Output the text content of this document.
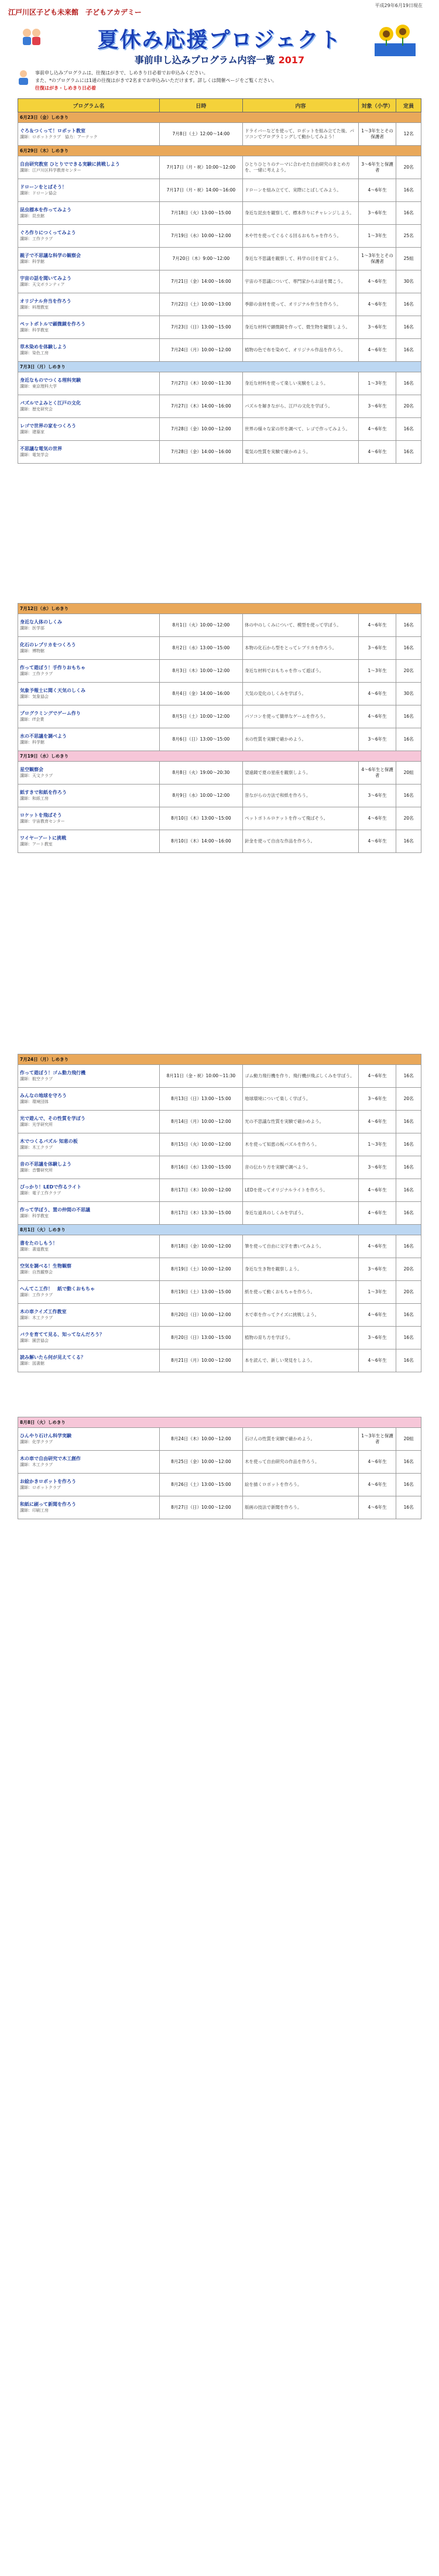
平成29年6月19日現在
江戸川区子ども未来館　子どもアカデミー
夏休み応援プロジェクト
事前申し込みプログラム内容一覧 2017
事前申し込みプログラムは、往復はがきで、しめきり日必着でお申込みください。
また、*のプログラムには1通の往復はがきで2名までお申込みいただけます。詳しくは開催ページをご覧ください。
往復はがき・しめきり日必着
プログラム名	日時	内容	対象（小学）	定員
6月23日（金）しめきり				

ぐろ＆つくって！ロボット教室
講師：ロボットクラブ　協力：アーテック	7月8日（土）12:00～14:00	ドライバーなどを使って、ロボットを組み立てた後、パソコンでプログラミングして動かしてみよう！	1～3年生とその保護者	12名
6月29日（木）しめきり				

自由研究教室 ひとりでできる実験に挑戦しよう
講師：江戸川区科学教育センター	7月17日（月・祝）10:00～12:00	ひとりひとりのテーマに合わせた自由研究のまとめ方を、一緒に考えよう。	3～6年生と保護者	20名

ドローンをとばそう！
講師：ドローン協会	7月17日（月・祝）14:00～16:00	ドローンを組み立てて、実際にとばしてみよう。	4～6年生	16名

昆虫標本を作ってみよう
講師：昆虫館	7月18日（火）13:00～15:00	身近な昆虫を観察して、標本作りにチャレンジしよう。	3～6年生	16名

ぐろ作りにつくってみよう
講師：工作クラブ	7月19日（水）10:00～12:00	木や竹を使ってぐるぐる回るおもちゃを作ろう。	1～3年生	25名

親子で不思議な科学の観察会
講師：科学館	7月20日（木）9:00～12:00	身近な不思議を観察して、科学の目を育てよう。	1～3年生とその保護者	25組

宇宙の話を聞いてみよう
講師：天文ボランティア	7月21日（金）14:00～16:00	宇宙の不思議について、専門家からお話を聞こう。	4～6年生	30名

オリジナル弁当を作ろう
講師：料理教室	7月22日（土）10:00～13:00	季節の食材を使って、オリジナル弁当を作ろう。	4～6年生	16名

ペットボトルで顕微鏡を作ろう
講師：科学教室	7月23日（日）13:00～15:00	身近な材料で顕微鏡を作って、微生物を観察しよう。	3～6年生	16名

草木染めを体験しよう
講師：染色工房	7月24日（月）10:00～12:00	植物の色で布を染めて、オリジナル作品を作ろう。	4～6年生	16名
7月3日（月）しめきり				

身近なものでつくる理科実験
講師：東京理科大学	7月27日（木）10:00～11:30	身近な材料を使って楽しい実験をしよう。	1～3年生	16名

パズルでよみとく江戸の文化
講師：歴史研究会	7月27日（木）14:00～16:00	パズルを解きながら、江戸の文化を学ぼう。	3～6年生	20名

レゴで世界の家をつくろう
講師：建築家	7月28日（金）10:00～12:00	世界の様々な家の形を調べて、レゴで作ってみよう。	4～6年生	16名

不思議な電気の世界
講師：電気学会	7月28日（金）14:00～16:00	電気の性質を実験で確かめよう。	4～6年生	16名
7月12日（水）しめきり				

身近な人体のしくみ
講師：医学部	8月1日（火）10:00～12:00	体の中のしくみについて、模型を使って学ぼう。	4～6年生	16名

化石のレプリカをつくろう
講師：博物館	8月2日（水）13:00～15:00	本物の化石から型をとってレプリカを作ろう。	3～6年生	16名

作って遊ぼう！手作りおもちゃ
講師：工作クラブ	8月3日（木）10:00～12:00	身近な材料でおもちゃを作って遊ぼう。	1～3年生	20名

気象予報士に聞く天気のしくみ
講師：気象協会	8月4日（金）14:00～16:00	天気の変化のしくみを学ぼう。	4～6年生	30名

プログラミングでゲーム作り
講師：IT企業	8月5日（土）10:00～12:00	パソコンを使って簡単なゲームを作ろう。	4～6年生	16名

水の不思議を調べよう
講師：科学館	8月6日（日）13:00～15:00	水の性質を実験で確かめよう。	3～6年生	16名
7月19日（水）しめきり				

星空観察会
講師：天文クラブ	8月8日（火）19:00～20:30	望遠鏡で夏の星座を観察しよう。	4～6年生と保護者	20組

紙すきで和紙を作ろう
講師：和紙工房	8月9日（水）10:00～12:00	昔ながらの方法で和紙を作ろう。	3～6年生	16名

ロケットを飛ばそう
講師：宇宙教育センター	8月10日（木）13:00～15:00	ペットボトルロケットを作って飛ばそう。	4～6年生	20名

ワイヤーアートに挑戦
講師：アート教室	8月10日（木）14:00～16:00	針金を使って自由な作品を作ろう。	4～6年生	16名
7月24日（月）しめきり				

作って遊ぼう！ゴム動力飛行機
講師：航空クラブ	8月11日（金・祝）10:00～11:30	ゴム動力飛行機を作り、飛行機が飛ぶしくみを学ぼう。	4～6年生	16名

みんなの地球を守ろう
講師：環境団体	8月13日（日）13:00～15:00	地球環境について楽しく学ぼう。	3～6年生	20名

光で遊んで、その性質を学ぼう
講師：光学研究所	8月14日（月）10:00～12:00	光の不思議な性質を実験で確かめよう。	4～6年生	16名

木でつくるパズル 知恵の板
講師：木工クラブ	8月15日（火）10:00～12:00	木を使って知恵の板パズルを作ろう。	1～3年生	16名

音の不思議を体験しよう
講師：音響研究所	8月16日（水）13:00～15:00	音の伝わり方を実験で調べよう。	3～6年生	16名

ぴっかり！LEDで作るライト
講師：電子工作クラブ	8月17日（木）10:00～12:00	LEDを使ってオリジナルライトを作ろう。	4～6年生	16名

作って学ぼう、置の仲間の不思議
講師：科学教室	8月17日（木）13:30～15:00	身近な道具のしくみを学ぼう。	4～6年生	16名
8月1日（火）しめきり				

書をたのしもう！
講師：書道教室	8月18日（金）10:00～12:00	筆を使って自由に文字を書いてみよう。	4～6年生	16名

空気を調べる！生物観察
講師：自然観察会	8月19日（土）10:00～12:00	身近な生き物を観察しよう。	3～6年生	20名

へんてこ工作！　紙で動くおもちゃ
講師：工作クラブ	8月19日（土）13:00～15:00	紙を使って動くおもちゃを作ろう。	1～3年生	20名

木の車クイズ工作教室
講師：木工クラブ	8月20日（日）10:00～12:00	木で車を作ってクイズに挑戦しよう。	4～6年生	16名

バラを育てて見る、知ってなんだろう？
講師：園芸協会	8月20日（日）13:00～15:00	植物の育ち方を学ぼう。	3～6年生	16名

読み解いたら何が見えてくる？
講師：図書館	8月21日（月）10:00～12:00	本を読んで、新しい発見をしよう。	4～6年生	16名
8月8日（火）しめきり				

ひんやり石けん科学実験
講師：化学クラブ	8月24日（木）10:00～12:00	石けんの性質を実験で確かめよう。	1～3年生と保護者	20組

木の車で自由研究で木工創作
講師：木工クラブ	8月25日（金）10:00～12:00	木を使って自由研究の作品を作ろう。	4～6年生	16名

お絵かきロボットを作ろう
講師：ロボットクラブ	8月26日（土）13:00～15:00	絵を描くロボットを作ろう。	4～6年生	16名

和紙に刷って新聞を作ろう
講師：印刷工房	8月27日（日）10:00～12:00	版画の技法で新聞を作ろう。	4～6年生	16名
